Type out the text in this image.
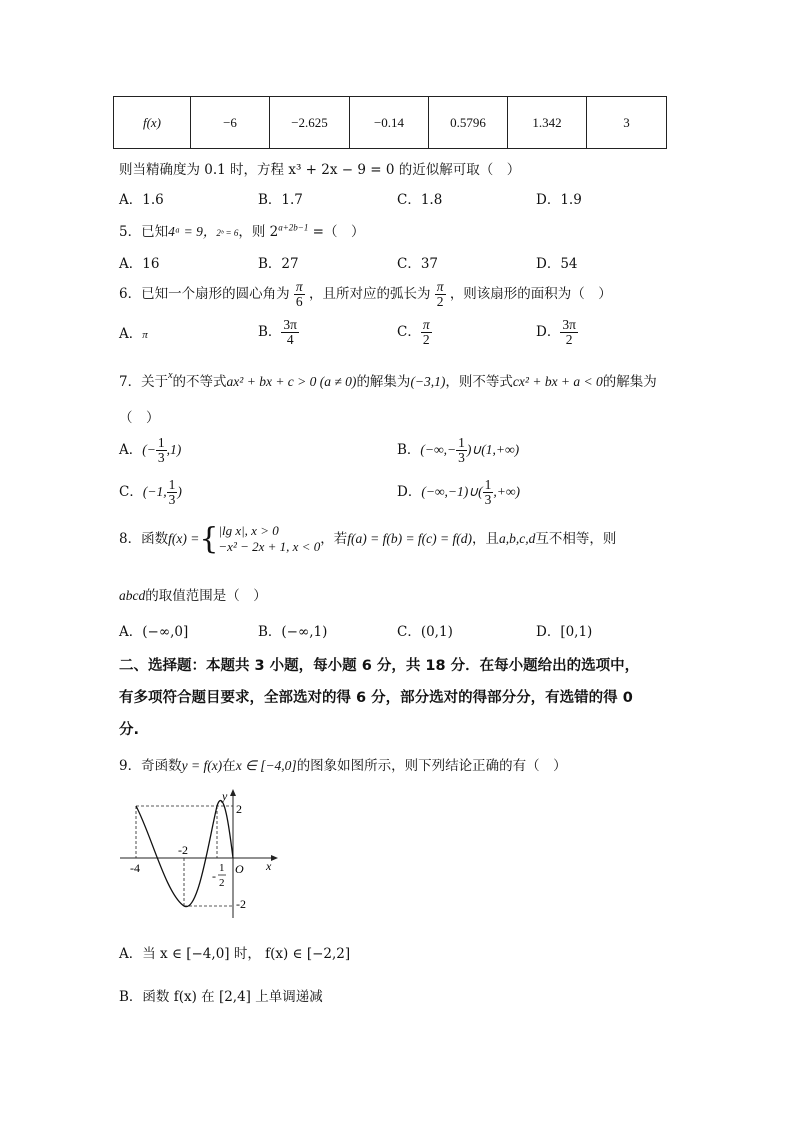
f(x)	−6	−2.625	−0.14	0.5796	1.342	3
则当精确度为 0.1 时，方程 x³ + 2x − 9 = 0 的近似解可取（　）
A．1.6	B．1.7	C．1.8	D．1.9
5．已知4ᵃ = 9，2ᵇ = 6，则 $2^{a+2b-1}$ =（　）
A．16	B．27	C．37	D．54
6．已知一个扇形的圆心角为 $\frac{\pi}{6}$ ，且所对应的弧长为 $\frac{\pi}{2}$ ，则该扇形的面积为（　）
A．π	B． $\frac{3\pi}{4}$	C． $\frac{\pi}{2}$	D． $\frac{3\pi}{2}$
7．关于$^x$的不等式ax² + bx + c > 0 (a ≠ 0)的解集为(−3,1)，则不等式cx² + bx + a < 0的解集为
（　）
A．(− $\frac{1}{3} ,1$)	B．(−∞,− $\frac{1}{3}$ )∪(1,+∞)
C．(−1, $\frac{1}{3}$ )	D．(−∞,−1)∪( $\frac{1}{3}$ ,+∞)
8．函数f(x) ={ |lg x|, x > 0
−x² − 2x + 1, x < 0 ，若f(a) = f(b) = f(c) = f(d)，且a,b,c,d互不相等，则
abcd的取值范围是（　）
A．(−∞,0]	B．(−∞,1)	C．(0,1)	D．[0,1)
二、选择题：本题共 3 小题，每小题 6 分，共 18 分．在每小题给出的选项中，
有多项符合题目要求，全部选对的得 6 分，部分选对的得部分分，有选错的得 0
分.
9．奇函数y = f(x)在x ∈ [−4,0]的图象如图所示，则下列结论正确的有（　）
y
x
O
2
-2
-4
-2
-
1
2
A．当 x ∈ [−4,0] 时， f(x) ∈ [−2,2]
B．函数 f(x) 在 [2,4] 上单调递减
